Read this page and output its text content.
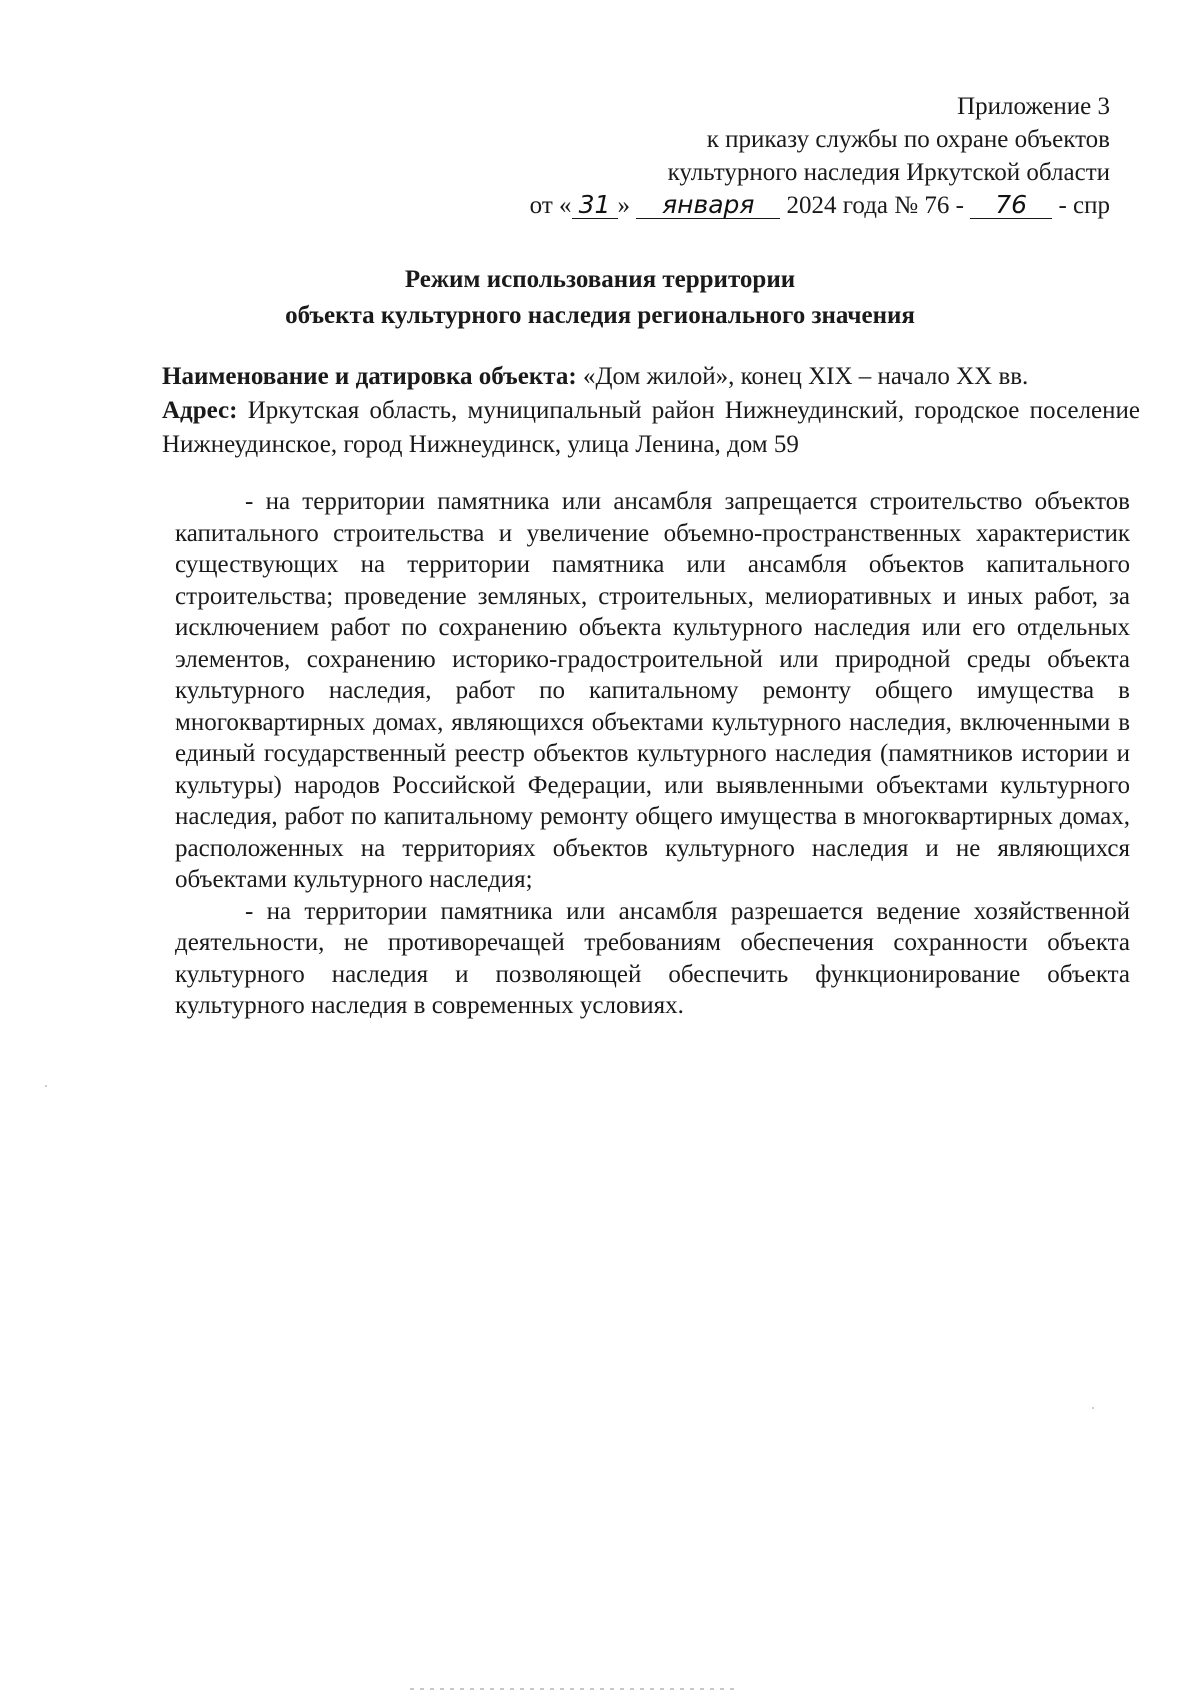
Приложение 3
к приказу службы по охране объектов
культурного наследия Иркутской области
от « 31 » января 2024 года № 76 - 76 - спр
Режим использования территории
объекта культурного наследия регионального значения

Наименование и датировка объекта: «Дом жилой», конец XIX – начало XX вв.

Адрес: Иркутская область, муниципальный район Нижнеудинский, городское поселение Нижнеудинское, город Нижнеудинск, улица Ленина, дом 59

- на территории памятника или ансамбля запрещается строительство объектов капитального строительства и увеличение объемно-пространственных характеристик существующих на территории памятника или ансамбля объектов капитального строительства; проведение земляных, строительных, мелиоративных и иных работ, за исключением работ по сохранению объекта культурного наследия или его отдельных элементов, сохранению историко-градостроительной или природной среды объекта культурного наследия, работ по капитальному ремонту общего имущества в многоквартирных домах, являющихся объектами культурного наследия, включенными в единый государственный реестр объектов культурного наследия (памятников истории и культуры) народов Российской Федерации, или выявленными объектами культурного наследия, работ по капитальному ремонту общего имущества в многоквартирных домах, расположенных на территориях объектов культурного наследия и не являющихся объектами культурного наследия;

- на территории памятника или ансамбля разрешается ведение хозяйственной деятельности, не противоречащей требованиям обеспечения сохранности объекта культурного наследия и позволяющей обеспечить функционирование объекта культурного наследия в современных условиях.
